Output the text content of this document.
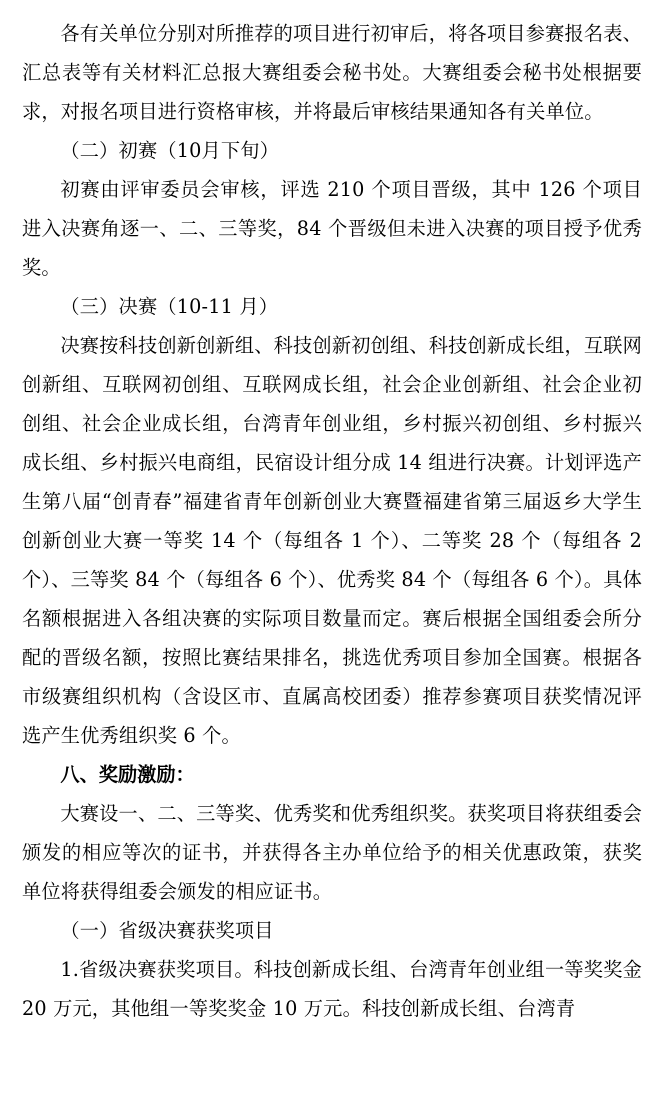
各有关单位分别对所推荐的项目进行初审后，将各项目参赛报名表、汇总表等有关材料汇总报大赛组委会秘书处。大赛组委会秘书处根据要求，对报名项目进行资格审核，并将最后审核结果通知各有关单位。

（二）初赛（10月下旬）

初赛由评审委员会审核，评选 210 个项目晋级，其中 126 个项目进入决赛角逐一、二、三等奖，84 个晋级但未进入决赛的项目授予优秀奖。

（三）决赛（10-11 月）

决赛按科技创新创新组、科技创新初创组、科技创新成长组，互联网创新组、互联网初创组、互联网成长组，社会企业创新组、社会企业初创组、社会企业成长组，台湾青年创业组，乡村振兴初创组、乡村振兴成长组、乡村振兴电商组，民宿设计组分成 14 组进行决赛。计划评选产生第八届“创青春”福建省青年创新创业大赛暨福建省第三届返乡大学生创新创业大赛一等奖 14 个（每组各 1 个）、二等奖 28 个（每组各 2 个）、三等奖 84 个（每组各 6 个）、优秀奖 84 个（每组各 6 个）。具体名额根据进入各组决赛的实际项目数量而定。赛后根据全国组委会所分配的晋级名额，按照比赛结果排名，挑选优秀项目参加全国赛。根据各市级赛组织机构（含设区市、直属高校团委）推荐参赛项目获奖情况评选产生优秀组织奖 6 个。

八、奖励激励：

大赛设一、二、三等奖、优秀奖和优秀组织奖。获奖项目将获组委会颁发的相应等次的证书，并获得各主办单位给予的相关优惠政策，获奖单位将获得组委会颁发的相应证书。

（一）省级决赛获奖项目

1.省级决赛获奖项目。科技创新成长组、台湾青年创业组一等奖奖金 20 万元，其他组一等奖奖金 10 万元。科技创新成长组、台湾青
